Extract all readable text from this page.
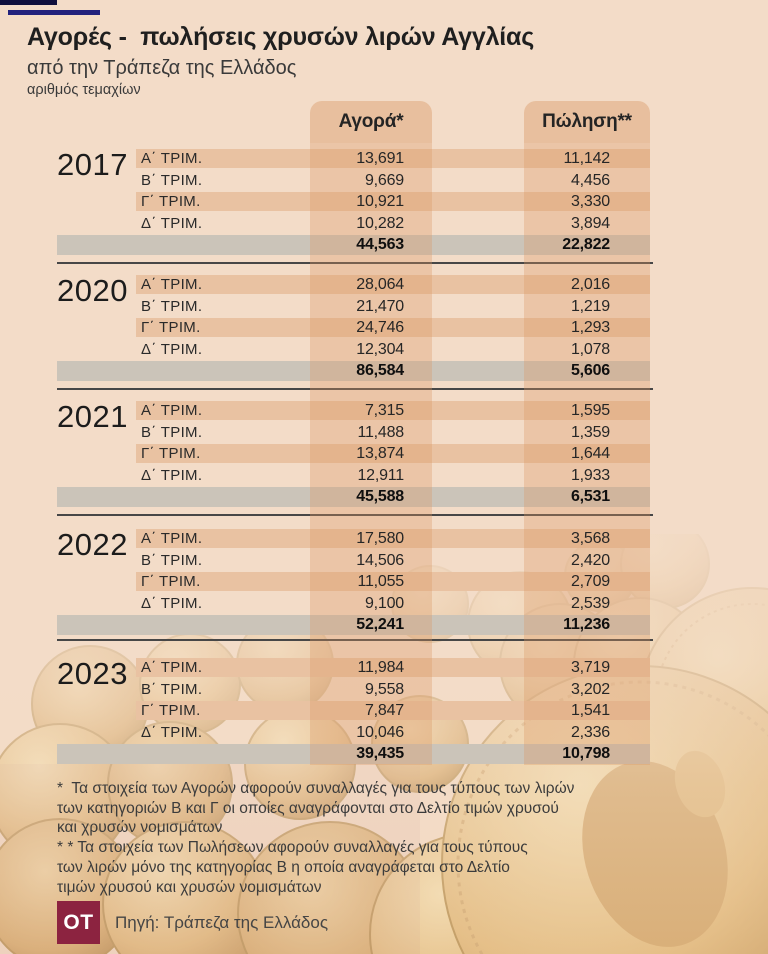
Αγορά*	Πώληση**
Αγορές -  πωλήσεις χρυσών λιρών Αγγλίας
από την Τράπεζα της Ελλάδος
αριθμός τεμαχίων
2017 Α΄ ΤΡΙΜ.	13,691	11,142
Β΄ ΤΡΙΜ.	9,669	4,456
Γ΄ ΤΡΙΜ.	10,921	3,330
Δ΄ ΤΡΙΜ.	10,282	3,894
44,563	22,822
2020 Α΄ ΤΡΙΜ.	28,064	2,016
Β΄ ΤΡΙΜ.	21,470	1,219
Γ΄ ΤΡΙΜ.	24,746	1,293
Δ΄ ΤΡΙΜ.	12,304	1,078
86,584	5,606
2021 Α΄ ΤΡΙΜ.	7,315	1,595
Β΄ ΤΡΙΜ.	11,488	1,359
Γ΄ ΤΡΙΜ.	13,874	1,644
Δ΄ ΤΡΙΜ.	12,911	1,933
45,588	6,531
2022 Α΄ ΤΡΙΜ.	17,580	3,568
Β΄ ΤΡΙΜ.	14,506	2,420
Γ΄ ΤΡΙΜ.	11,055	2,709
Δ΄ ΤΡΙΜ.	9,100	2,539
52,241	11,236
2023 Α΄ ΤΡΙΜ.	11,984	3,719
Β΄ ΤΡΙΜ.	9,558	3,202
Γ΄ ΤΡΙΜ.	7,847	1,541
Δ΄ ΤΡΙΜ.	10,046	2,336
39,435	10,798
*  Τα στοιχεία των Αγορών αφορούν συναλλαγές για τους τύπους των λιρών
των κατηγοριών Β και Γ οι οποίες αναγράφονται στο Δελτίο τιμών χρυσού
και χρυσών νομισμάτων
* * Τα στοιχεία των Πωλήσεων αφορούν συναλλαγές για τους τύπους
των λιρών μόνο της κατηγορίας Β η οποία αναγράφεται στο Δελτίο
τιμών χρυσού και χρυσών νομισμάτων
OT	Πηγή: Τράπεζα της Ελλάδος
